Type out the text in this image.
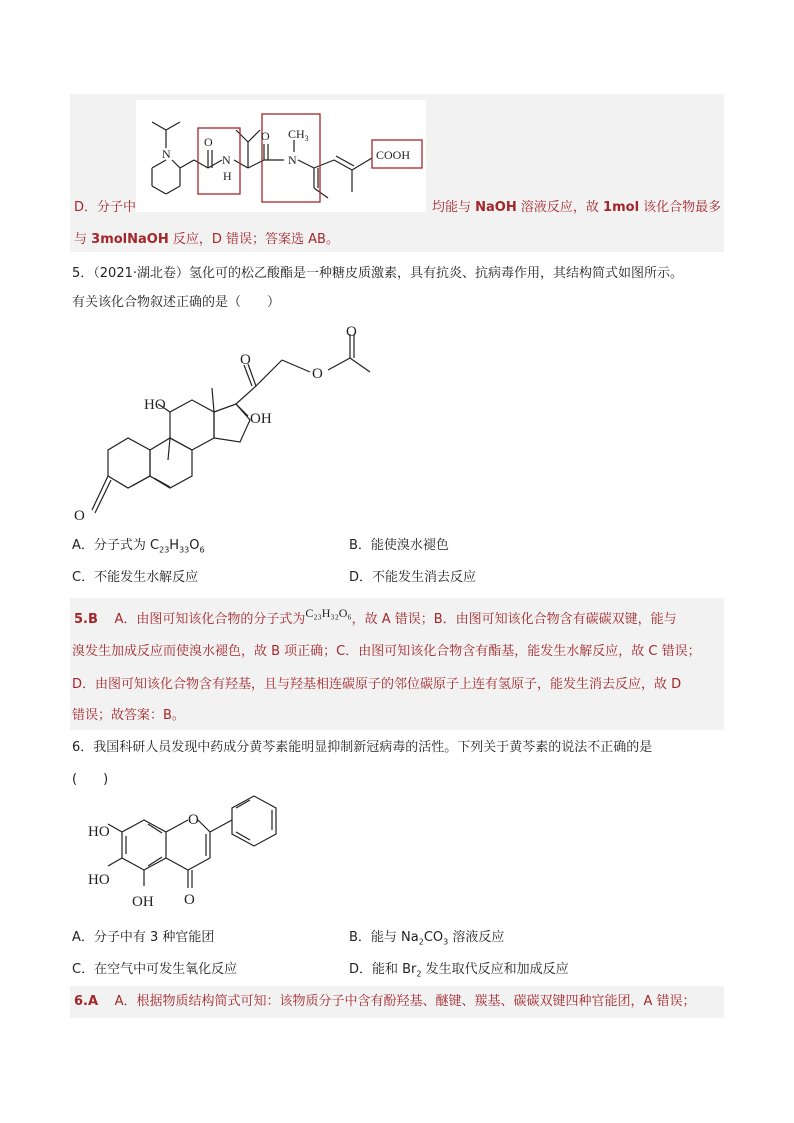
N	N
H
O	O
N
$CH_3$
COOH
D．分子中	均能与 NaOH 溶液反应，故 1mol 该化合物最多
与 3molNaOH 反应，D 错误；答案选 AB。
5．（2021·湖北卷）氢化可的松乙酸酯是一种糖皮质激素，具有抗炎、抗病毒作用，其结构简式如图所示。
有关该化合物叙述正确的是（　　）
HO
OH
O
O
O
O
A．分子式为 $C_{23}H_{33}O_6$	B．能使溴水褪色
C．不能发生水解反应	D．不能发生消去反应
5.B A．由图可知该化合物的分子式为C₂₃H₃₂O₆，故 A 错误；B．由图可知该化合物含有碳碳双键，能与
溴发生加成反应而使溴水褪色，故 B 项正确；C．由图可知该化合物含有酯基，能发生水解反应，故 C 错误；
D．由图可知该化合物含有羟基，且与羟基相连碳原子的邻位碳原子上连有氢原子，能发生消去反应，故 D
错误；故答案：B。
6．我国科研人员发现中药成分黄芩素能明显抑制新冠病毒的活性。下列关于黄芩素的说法不正确的是
(　　)
HO
HO
OH
O
O
A．分子中有 3 种官能团	B．能与 $Na_2CO_3$ 溶液反应
C．在空气中可发生氧化反应	D．能和 $Br_2$ 发生取代反应和加成反应
6.A A．根据物质结构简式可知：该物质分子中含有酚羟基、醚键、羰基、碳碳双键四种官能团，A 错误；
